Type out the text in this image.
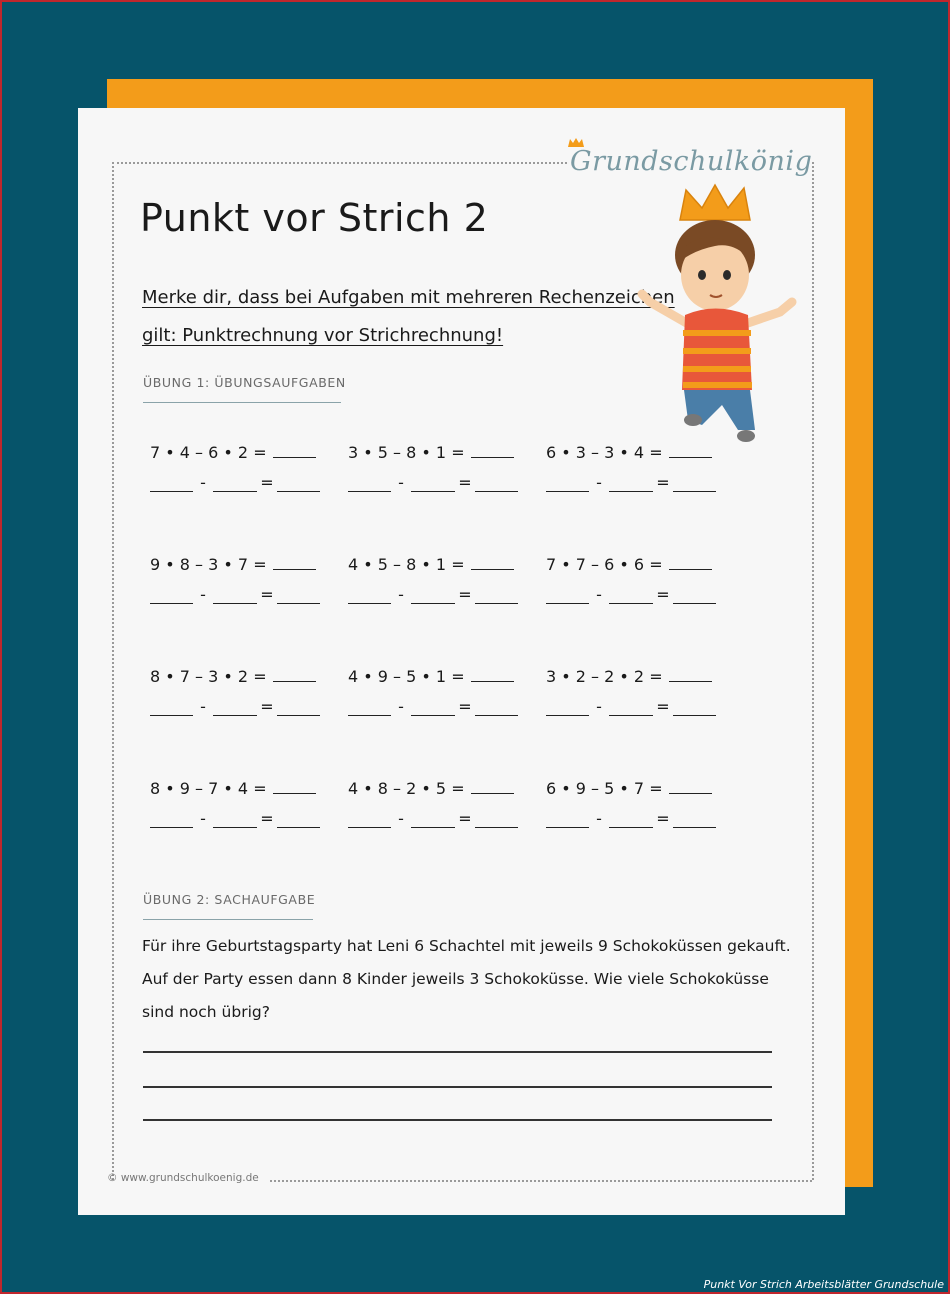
Grundschulkönig
Punkt vor Strich 2
Merke dir, dass bei Aufgaben mit mehreren Rechenzeichen
gilt: Punktrechnung vor Strichrechnung!
ÜBUNG 1: ÜBUNGSAUFGABEN
7 • 4 – 6 • 2 =
-	=
3 • 5 – 8 • 1 =
-	=
6 • 3 – 3 • 4 =
-	=
9 • 8 – 3 • 7 =
-	=
4 • 5 – 8 • 1 =
-	=
7 • 7 – 6 • 6 =
-	=
8 • 7 – 3 • 2 =
-	=
4 • 9 – 5 • 1 =
-	=
3 • 2 – 2 • 2 =
-	=
8 • 9 – 7 • 4 =
-	=
4 • 8 – 2 • 5 =
-	=
6 • 9 – 5 • 7 =
-	=
ÜBUNG 2: SACHAUFGABE
Für ihre Geburtstagsparty hat Leni 6 Schachtel mit jeweils 9 Schokoküssen gekauft. Auf der Party essen dann 8 Kinder jeweils 3 Schokoküsse. Wie viele Schokoküsse sind noch übrig?
© www.grundschulkoenig.de
Punkt Vor Strich Arbeitsblätter Grundschule
